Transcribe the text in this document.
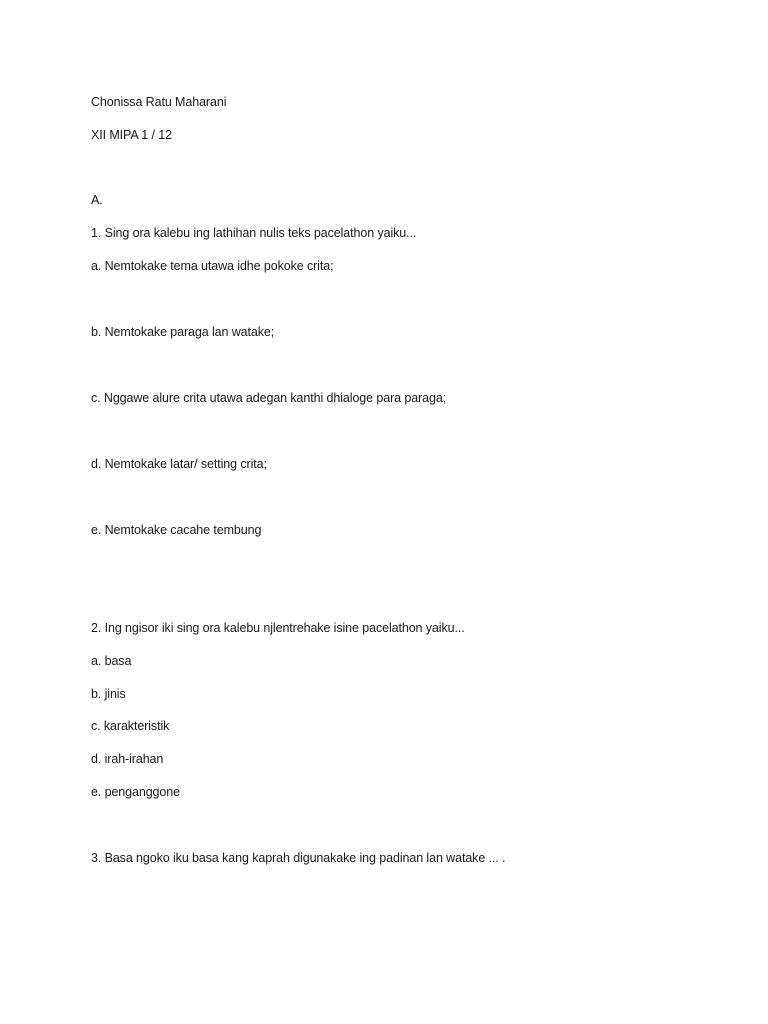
Chonissa Ratu Maharani
XII MIPA 1 / 12
A.
1. Sing ora kalebu ing lathihan nulis teks pacelathon yaiku...
a. Nemtokake tema utawa idhe pokoke crita;
b. Nemtokake paraga lan watake;
c. Nggawe alure crita utawa adegan kanthi dhialoge para paraga;
d. Nemtokake latar/ setting crita;
e. Nemtokake cacahe tembung
2. Ing ngisor iki sing ora kalebu njlentrehake isine pacelathon yaiku...
a. basa
b. jinis
c. karakteristik
d. irah-irahan
e. penganggone
3. Basa ngoko iku basa kang kaprah digunakake ing padinan lan watake ... .
